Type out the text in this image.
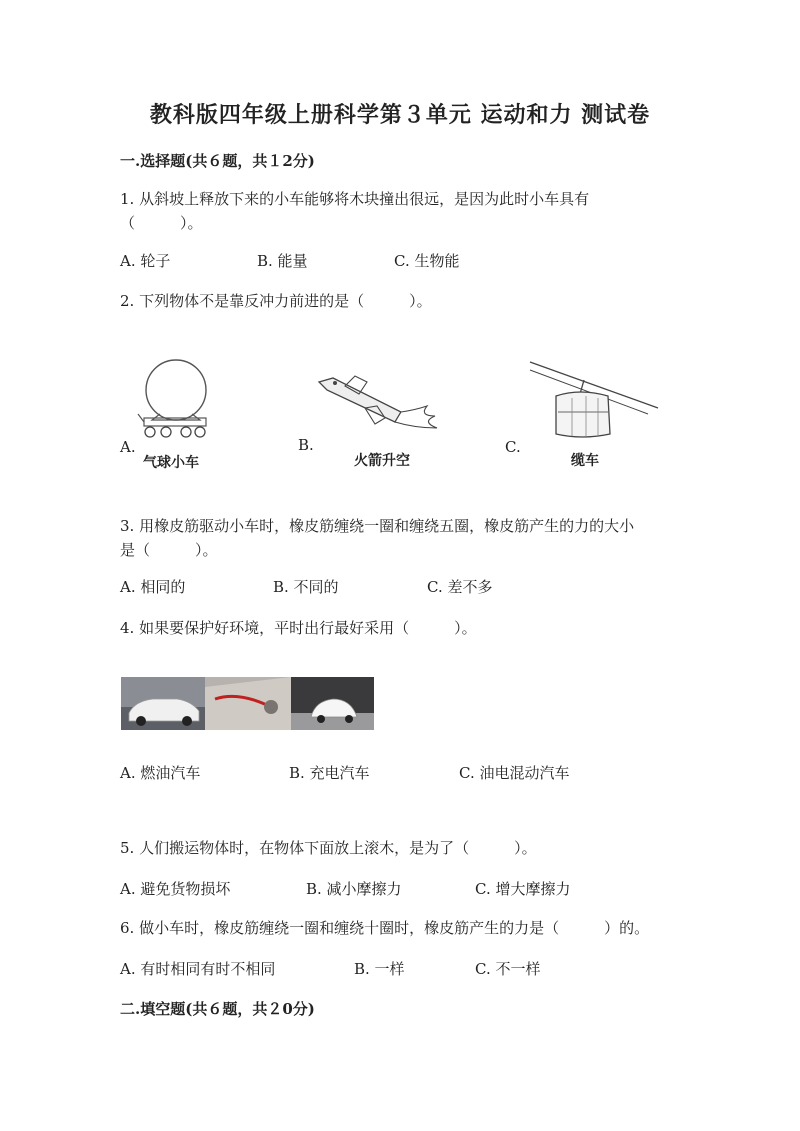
教科版四年级上册科学第３单元 运动和力 测试卷
一.选择题(共６题，共１2分)
1. 从斜坡上释放下来的小车能够将木块撞出很远，是因为此时小车具有
（　　　）。
A. 轮子	B. 能量	C. 生物能
2. 下列物体不是靠反冲力前进的是（　　　）。
A.
气球小车
B.
火箭升空
C.
缆车
3. 用橡皮筋驱动小车时，橡皮筋缠绕一圈和缠绕五圈，橡皮筋产生的力的大小
是（　　　）。
A. 相同的	B. 不同的	C. 差不多
4. 如果要保护好环境，平时出行最好采用（　　　）。
A. 燃油汽车	B. 充电汽车	C. 油电混动汽车
5. 人们搬运物体时，在物体下面放上滚木，是为了（　　　）。
A. 避免货物损坏	B. 减小摩擦力	C. 增大摩擦力
6. 做小车时，橡皮筋缠绕一圈和缠绕十圈时，橡皮筋产生的力是（　　　）的。
A. 有时相同有时不相同	B. 一样	C. 不一样
二.填空题(共６题，共２0分)
